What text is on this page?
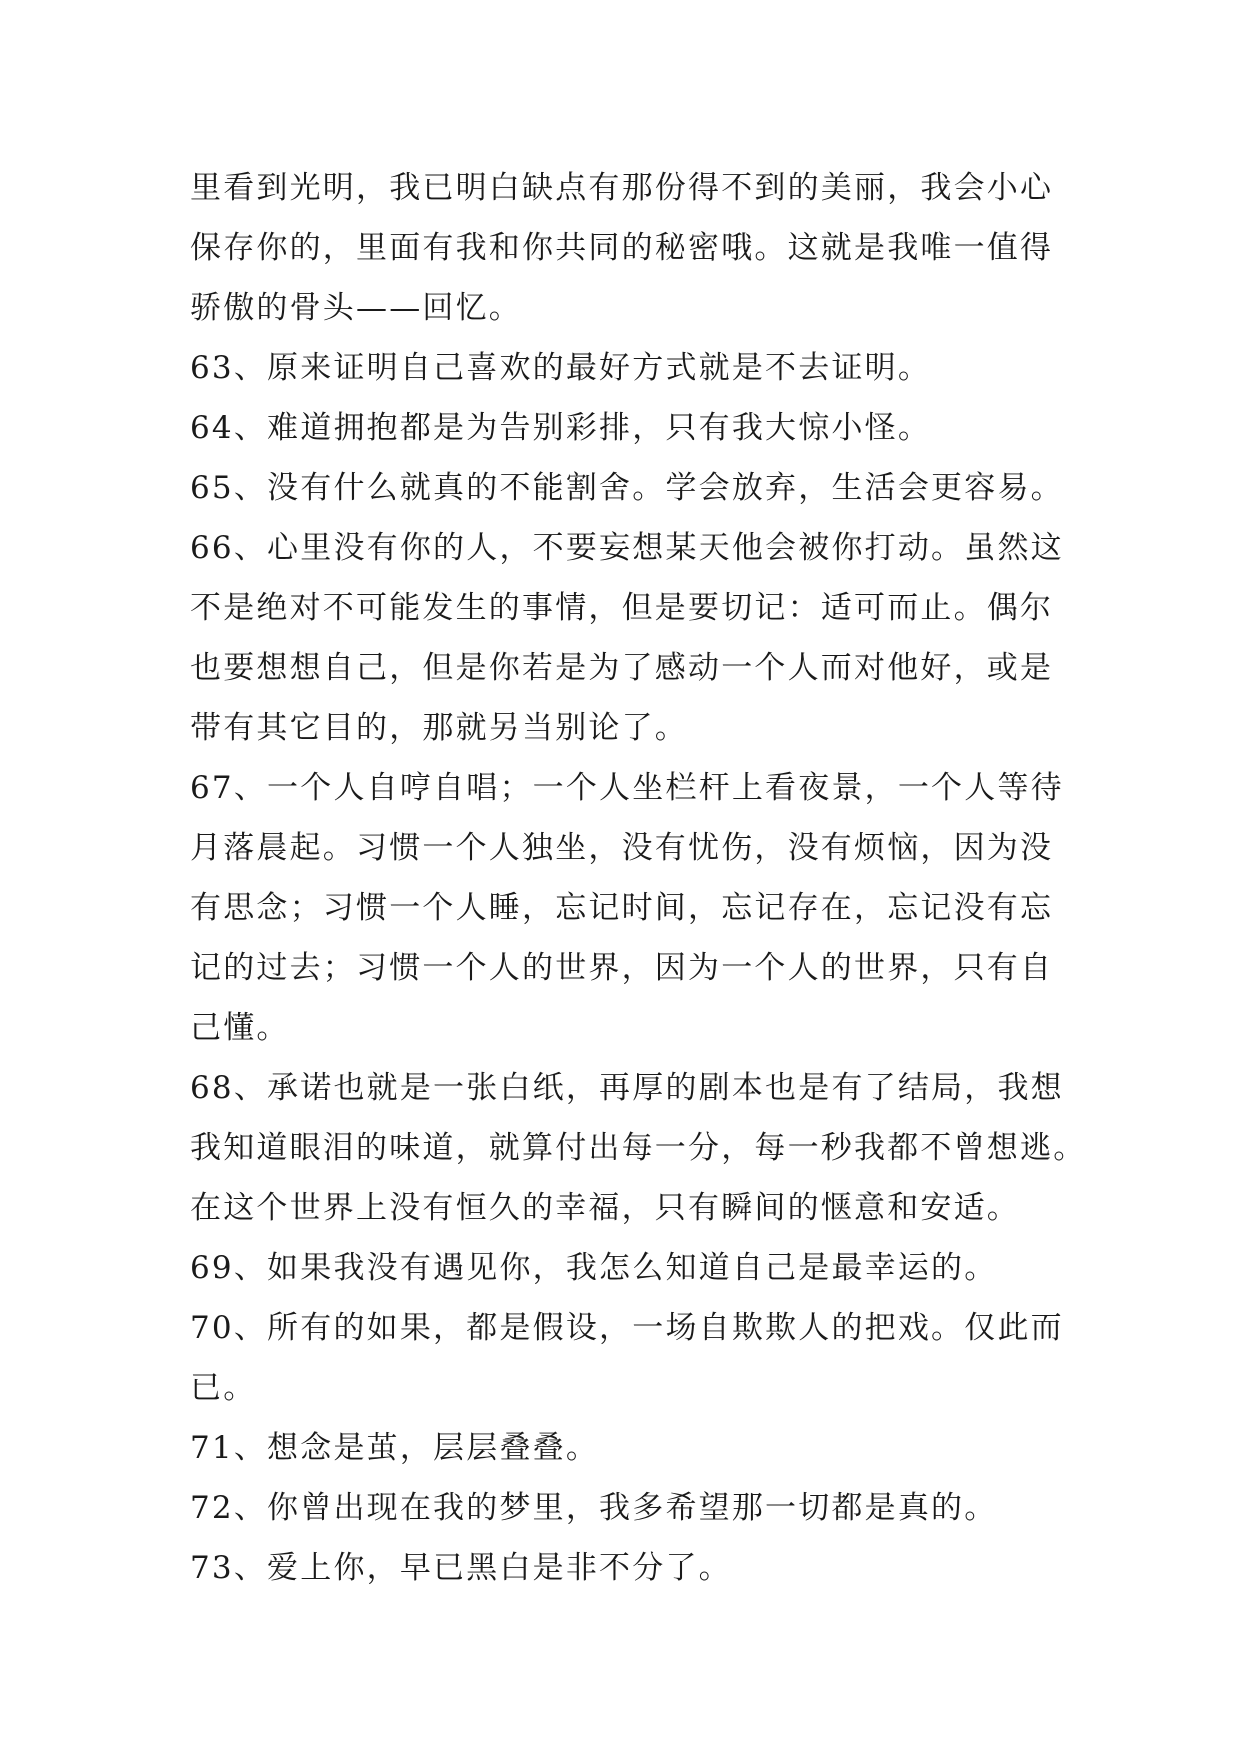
里看到光明，我已明白缺点有那份得不到的美丽，我会小心
保存你的，里面有我和你共同的秘密哦。这就是我唯一值得
骄傲的骨头——回忆。
63、原来证明自己喜欢的最好方式就是不去证明。
64、难道拥抱都是为告别彩排，只有我大惊小怪。
65、没有什么就真的不能割舍。学会放弃，生活会更容易。
66、心里没有你的人，不要妄想某天他会被你打动。虽然这
不是绝对不可能发生的事情，但是要切记：适可而止。偶尔
也要想想自己，但是你若是为了感动一个人而对他好，或是
带有其它目的，那就另当别论了。
67、一个人自哼自唱；一个人坐栏杆上看夜景，一个人等待
月落晨起。习惯一个人独坐，没有忧伤，没有烦恼，因为没
有思念；习惯一个人睡，忘记时间，忘记存在，忘记没有忘
记的过去；习惯一个人的世界，因为一个人的世界，只有自
己懂。
68、承诺也就是一张白纸，再厚的剧本也是有了结局，我想
我知道眼泪的味道，就算付出每一分，每一秒我都不曾想逃。
在这个世界上没有恒久的幸福，只有瞬间的惬意和安适。
69、如果我没有遇见你，我怎么知道自己是最幸运的。
70、所有的如果，都是假设，一场自欺欺人的把戏。仅此而
已。
71、想念是茧，层层叠叠。
72、你曾出现在我的梦里，我多希望那一切都是真的。
73、爱上你，早已黑白是非不分了。
